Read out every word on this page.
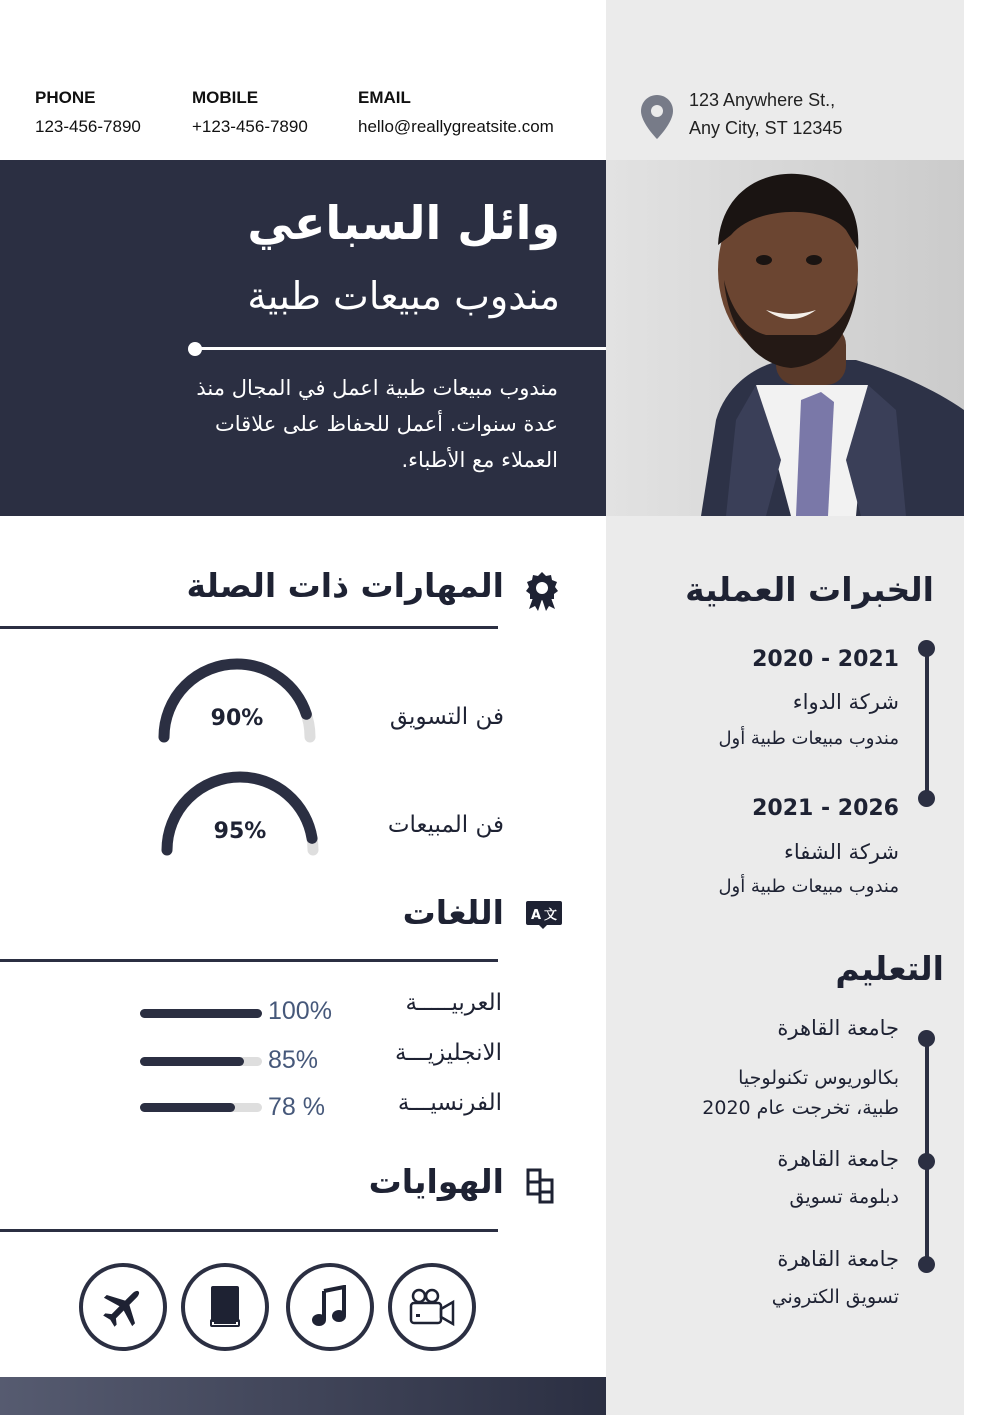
PHONE
123-456-7890
MOBILE
+123-456-7890
EMAIL
hello@reallygreatsite.com
123 Anywhere St.,
Any City, ST 12345
وائل السباعي
مندوب مبيعات طبية
مندوب مبيعات طبية اعمل في المجال منذ
عدة سنوات. أعمل للحفاظ على علاقات
العملاء مع الأطباء.
المهارات ذات الصلة
فن التسويق
90%
فن المبيعات
95%
اللغات A 文
العربيـــــة
100%
الانجليزيـــة
85%
الفرنسيـــة
78 %
الهوايات
الخبرات العملية
2020 - 2021
شركة الدواء
مندوب مبيعات طبية أول
2021 - 2026
شركة الشفاء
مندوب مبيعات طبية أول
التعليم
جامعة القاهرة
بكالوريوس تكنولوجيا
طبية، تخرجت عام 2020
جامعة القاهرة
دبلومة تسويق
جامعة القاهرة
تسويق الكتروني
